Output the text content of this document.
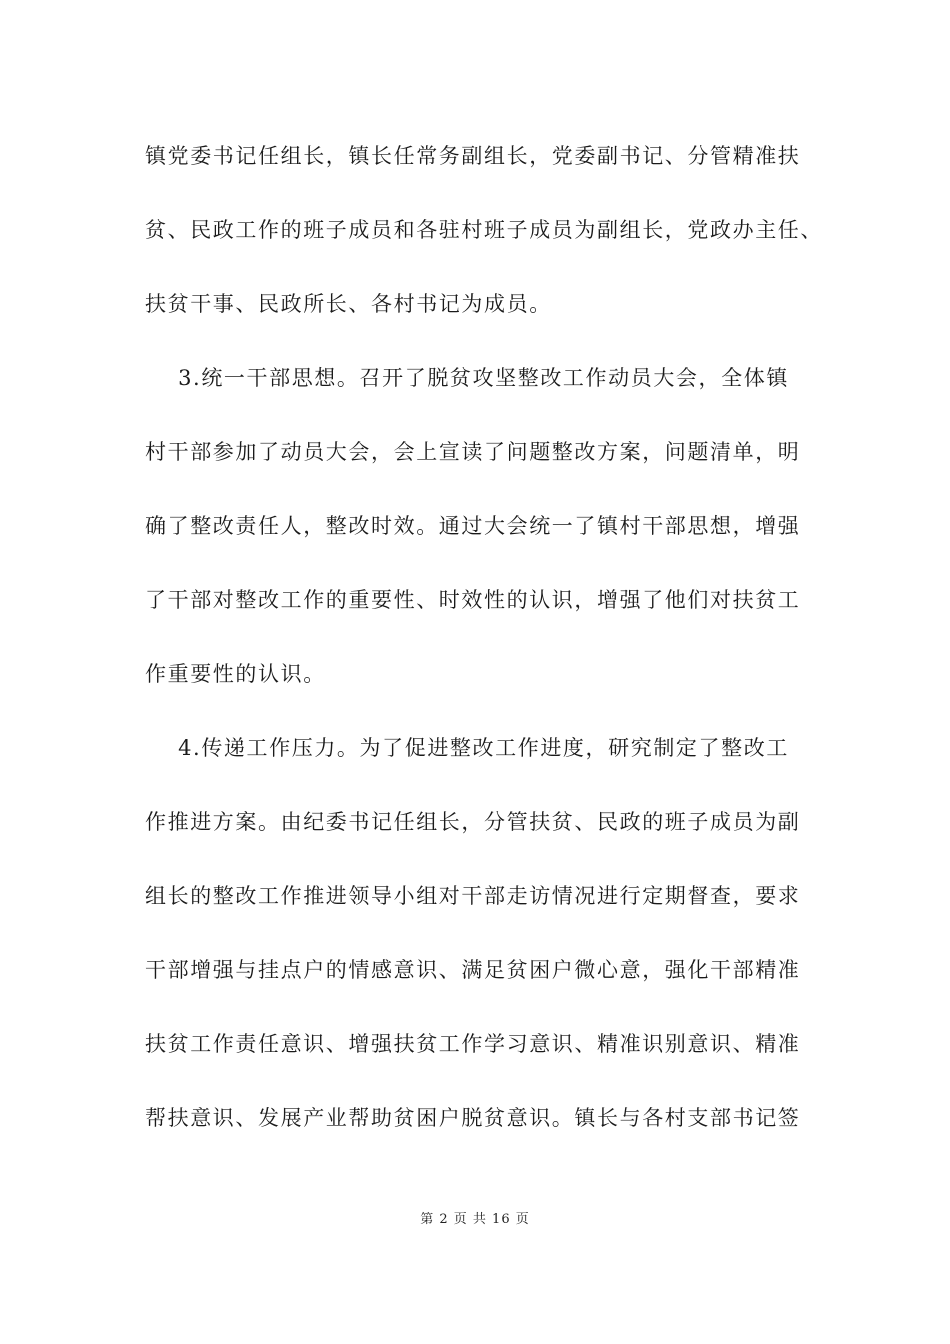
镇党委书记任组长，镇长任常务副组长，党委副书记、分管精准扶
贫、民政工作的班子成员和各驻村班子成员为副组长，党政办主任、
扶贫干事、民政所长、各村书记为成员。
3.统一干部思想。召开了脱贫攻坚整改工作动员大会，全体镇
村干部参加了动员大会，会上宣读了问题整改方案，问题清单，明
确了整改责任人，整改时效。通过大会统一了镇村干部思想，增强
了干部对整改工作的重要性、时效性的认识，增强了他们对扶贫工
作重要性的认识。
4.传递工作压力。为了促进整改工作进度，研究制定了整改工
作推进方案。由纪委书记任组长，分管扶贫、民政的班子成员为副
组长的整改工作推进领导小组对干部走访情况进行定期督查，要求
干部增强与挂点户的情感意识、满足贫困户微心意，强化干部精准
扶贫工作责任意识、增强扶贫工作学习意识、精准识别意识、精准
帮扶意识、发展产业帮助贫困户脱贫意识。镇长与各村支部书记签
第 2 页 共 16 页
